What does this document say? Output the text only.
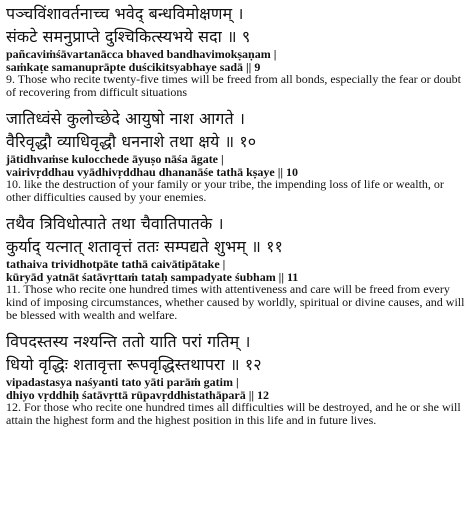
पञ्चविंशावर्तनाच्च भवेद् बन्धविमोक्षणम् ।
संकटे समनुप्राप्ते दुश्चिकित्स्यभये सदा ॥ ९
pañcaviṁśāvartanācca bhaved bandhavimokṣaṇam |
saṁkaṭe samanuprāpte duścikitsyabhaye sadā || 9
9. Those who recite twenty-five times will be freed from all bonds, especially the fear or doubt of recovering from difficult situations
जातिध्वंसे कुलोच्छेदे आयुषो नाश आगते ।
वैरिवृद्धौ व्याधिवृद्धौ धननाशे तथा क्षये ॥ १०
jātidhvaṁse kulocchede āyuṣo nāśa āgate |
vairivṛddhau vyādhivṛddhau dhananāśe tathā kṣaye || 10
10. like the destruction of your family or your tribe, the impending loss of life or wealth, or other difficulties caused by your enemies.
तथैव त्रिविधोत्पाते तथा चैवातिपातके ।
कुर्याद् यत्नात् शतावृत्तं ततः सम्पद्यते शुभम् ॥ ११
tathaiva trividhotpāte tathā caivātipātake |
kūryād yatnāt śatāvṛttaṁ tataḥ sampadyate śubham || 11
11. Those who recite one hundred times with attentiveness and care will be freed from every kind of imposing circumstances, whether caused by worldly, spiritual or divine causes, and will be blessed with wealth and welfare.
विपदस्तस्य नश्यन्ति ततो याति परां गतिम् ।
धियो वृद्धिः शतावृत्ता रूपवृद्धिस्तथापरा ॥ १२
vipadastasya naśyanti tato yāti parāṁ gatim |
dhiyo vṛddhiḥ śatāvṛttā rūpavṛddhistathāparā || 12
12. For those who recite one hundred times all difficulties will be destroyed, and he or she will attain the highest form and the highest position in this life and in future lives.
